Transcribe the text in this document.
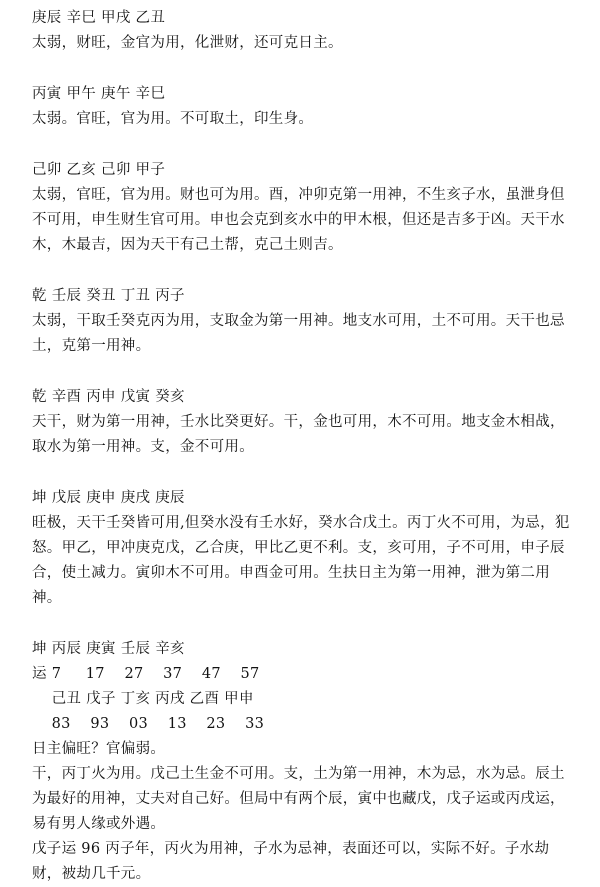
庚辰 辛巳 甲戌 乙丑

太弱，财旺，金官为用，化泄财，还可克日主。

丙寅 甲午 庚午 辛巳

太弱。官旺，官为用。不可取土，印生身。

己卯 乙亥 己卯 甲子

太弱，官旺，官为用。财也可为用。酉，冲卯克第一用神，不生亥子水，虽泄身但不可用，申生财生官可用。申也会克到亥水中的甲木根，但还是吉多于凶。天干水木，木最吉，因为天干有己土帮，克己土则吉。

乾 壬辰 癸丑 丁丑 丙子

太弱，干取壬癸克丙为用，支取金为第一用神。地支水可用，土不可用。天干也忌土，克第一用神。

乾 辛酉 丙申 戊寅 癸亥

天干，财为第一用神，壬水比癸更好。干，金也可用，木不可用。地支金木相战，取水为第一用神。支，金不可用。

坤 戊辰 庚申 庚戌 庚辰

旺极，天干壬癸皆可用,但癸水没有壬水好，癸水合戊土。丙丁火不可用，为忌，犯怒。甲乙，甲冲庚克戊，乙合庚，甲比乙更不利。支，亥可用，子不可用，申子辰合，使土减力。寅卯木不可用。申酉金可用。生扶日主为第一用神，泄为第二用神。

坤 丙辰 庚寅 壬辰 辛亥

运 7     17    27    37    47    57

己丑 戊子 丁亥 丙戌 乙酉 甲申

83    93    03    13    23    33

日主偏旺？官偏弱。

干，丙丁火为用。戊己土生金不可用。支，土为第一用神，木为忌，水为忌。辰土为最好的用神，丈夫对自己好。但局中有两个辰，寅中也藏戊，戊子运或丙戌运，易有男人缘或外遇。

戊子运 96 丙子年，丙火为用神，子水为忌神，表面还可以，实际不好。子水劫财，被劫几千元。
